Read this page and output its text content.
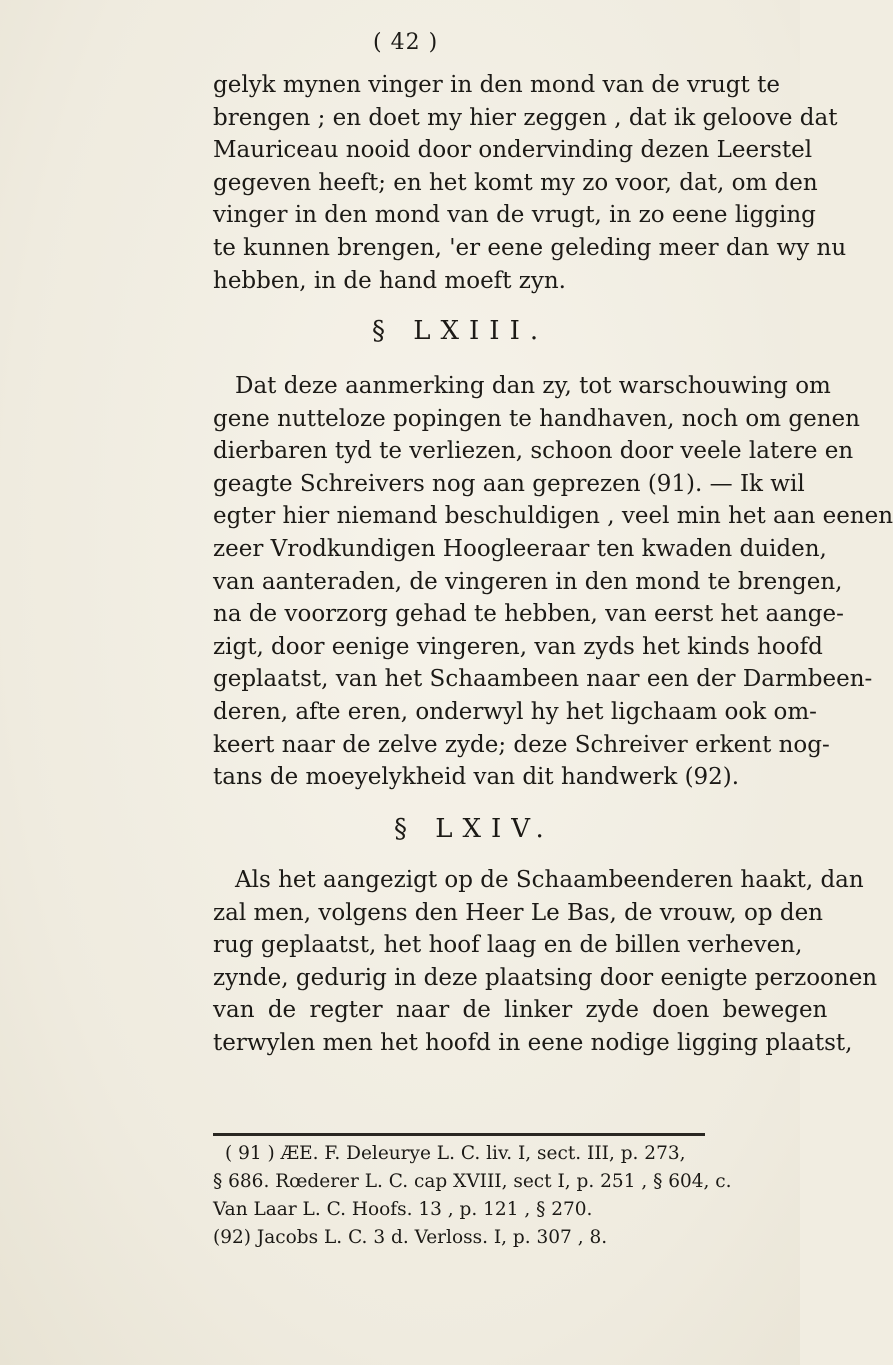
( 42 )
gelyk mynen vinger in den mond van de vrugt te
brengen ; en doet my hier zeggen , dat ik geloove dat
Mauriceau nooid door ondervinding dezen Leerstel
gegeven heeft; en het komt my zo voor, dat, om den
vinger in den mond van de vrugt, in zo eene ligging
te kunnen brengen, 'er eene geleding meer dan wy nu
hebben, in de hand moeft zyn.
§ LXIII.
Dat deze aanmerking dan zy, tot warschouwing om
gene nutteloze popingen te handhaven, noch om genen
dierbaren tyd te verliezen, schoon door veele latere en
geagte Schreivers nog aan geprezen (91). — Ik wil
egter hier niemand beschuldigen , veel min het aan eenen
zeer Vrodkundigen Hoogleeraar ten kwaden duiden,
van aanteraden, de vingeren in den mond te brengen,
na de voorzorg gehad te hebben, van eerst het aange-
zigt, door eenige vingeren, van zyds het kinds hoofd
geplaatst, van het Schaambeen naar een der Darmbeen-
deren, afte eren, onderwyl hy het ligchaam ook om-
keert naar de zelve zyde; deze Schreiver erkent nog-
tans de moeyelykheid van dit handwerk (92).
§ LXIV.
Als het aangezigt op de Schaambeenderen haakt, dan
zal men, volgens den Heer Le Bas, de vrouw, op den
rug geplaatst, het hoof laag en de billen verheven,
zynde, gedurig in deze plaatsing door eenigte perzoonen
van de regter naar de linker zyde doen bewegen
terwylen men het hoofd in eene nodige ligging plaatst,
( 91 ) ÆE. F. Deleurye L. C. liv. I, sect. III, p. 273,
§ 686. Rœderer L. C. cap XVIII, sect I, p. 251 , § 604, c.
Van Laar L. C. Hoofs. 13 , p. 121 , § 270.
(92) Jacobs L. C. 3 d. Verloss. I, p. 307 , 8.
